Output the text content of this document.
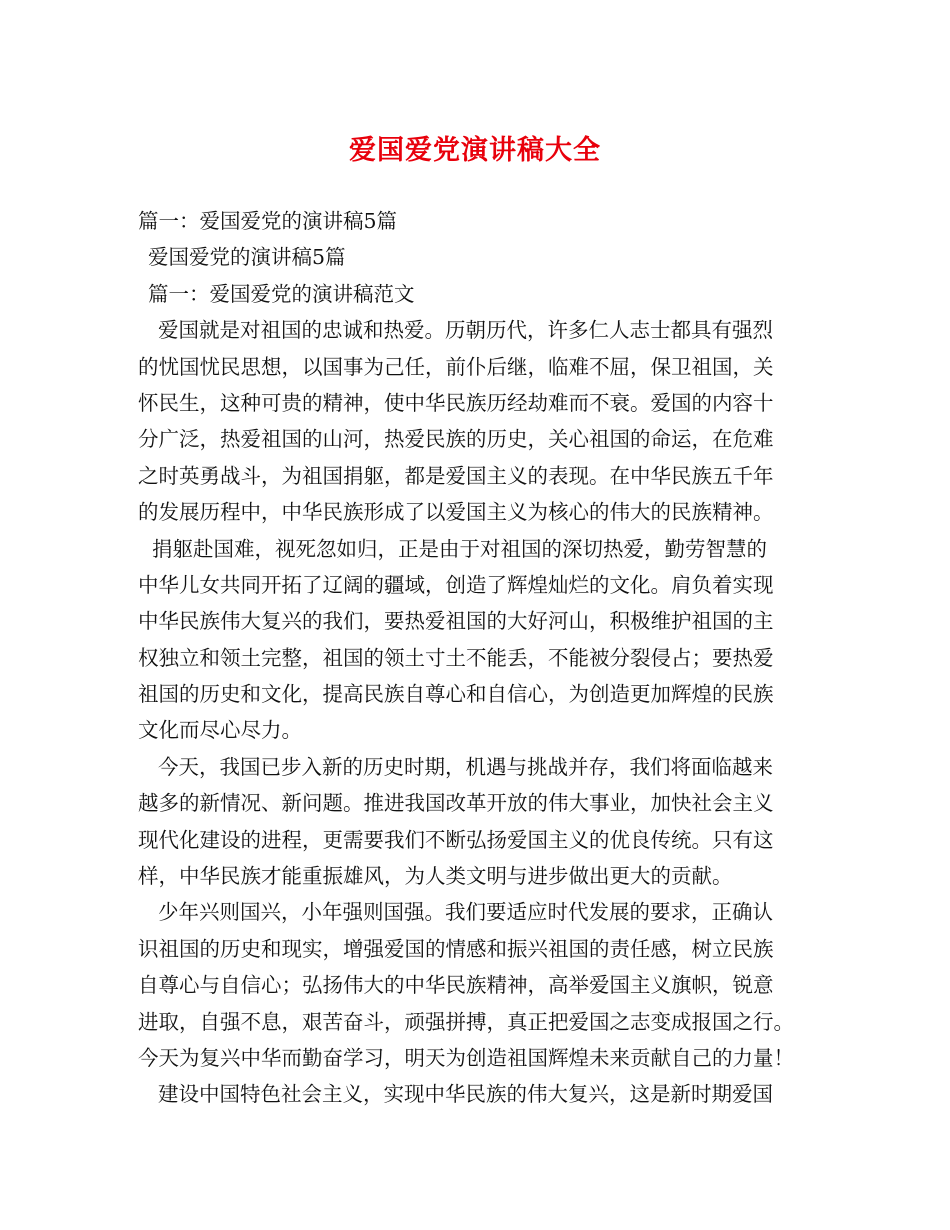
爱国爱党演讲稿大全
篇一：爱国爱党的演讲稿5篇
爱国爱党的演讲稿5篇
篇一：爱国爱党的演讲稿范文
爱国就是对祖国的忠诚和热爱。历朝历代，许多仁人志士都具有强烈
的忧国忧民思想，以国事为己任，前仆后继，临难不屈，保卫祖国，关
怀民生，这种可贵的精神，使中华民族历经劫难而不衰。爱国的内容十
分广泛，热爱祖国的山河，热爱民族的历史，关心祖国的命运，在危难
之时英勇战斗，为祖国捐躯，都是爱国主义的表现。在中华民族五千年
的发展历程中，中华民族形成了以爱国主义为核心的伟大的民族精神。
捐躯赴国难，视死忽如归，正是由于对祖国的深切热爱，勤劳智慧的
中华儿女共同开拓了辽阔的疆域，创造了辉煌灿烂的文化。肩负着实现
中华民族伟大复兴的我们，要热爱祖国的大好河山，积极维护祖国的主
权独立和领土完整，祖国的领土寸土不能丢，不能被分裂侵占；要热爱
祖国的历史和文化，提高民族自尊心和自信心，为创造更加辉煌的民族
文化而尽心尽力。
今天，我国已步入新的历史时期，机遇与挑战并存，我们将面临越来
越多的新情况、新问题。推进我国改革开放的伟大事业，加快社会主义
现代化建设的进程，更需要我们不断弘扬爱国主义的优良传统。只有这
样，中华民族才能重振雄风，为人类文明与进步做出更大的贡献。
少年兴则国兴，小年强则国强。我们要适应时代发展的要求，正确认
识祖国的历史和现实，增强爱国的情感和振兴祖国的责任感，树立民族
自尊心与自信心；弘扬伟大的中华民族精神，高举爱国主义旗帜，锐意
进取，自强不息，艰苦奋斗，顽强拼搏，真正把爱国之志变成报国之行。
今天为复兴中华而勤奋学习，明天为创造祖国辉煌未来贡献自己的力量！
建设中国特色社会主义，实现中华民族的伟大复兴，这是新时期爱国
